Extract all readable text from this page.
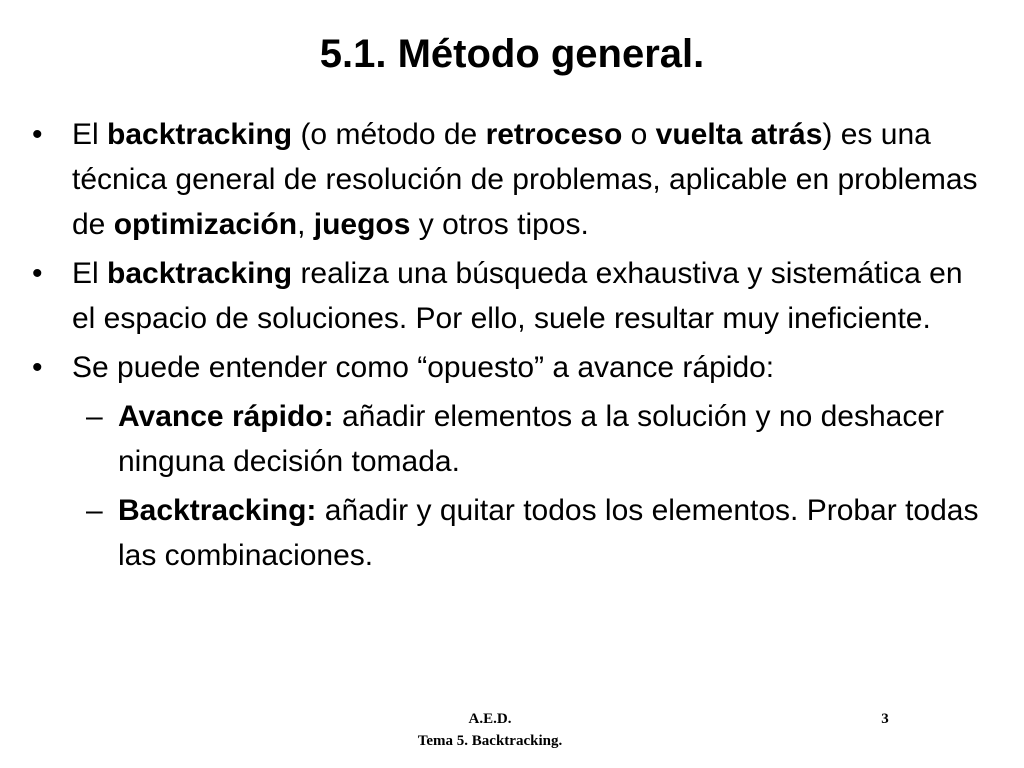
5.1. Método general.
• El backtracking (o método de retroceso o vuelta atrás) es una técnica general de resolución de problemas, aplicable en problemas de optimización, juegos y otros tipos.
• El backtracking realiza una búsqueda exhaustiva y sistemática en el espacio de soluciones. Por ello, suele resultar muy ineficiente.
• Se puede entender como “opuesto” a avance rápido:
– Avance rápido: añadir elementos a la solución y no deshacer ninguna decisión tomada.
– Backtracking: añadir y quitar todos los elementos. Probar todas las combinaciones.
A.E.D.
Tema 5. Backtracking.
3
